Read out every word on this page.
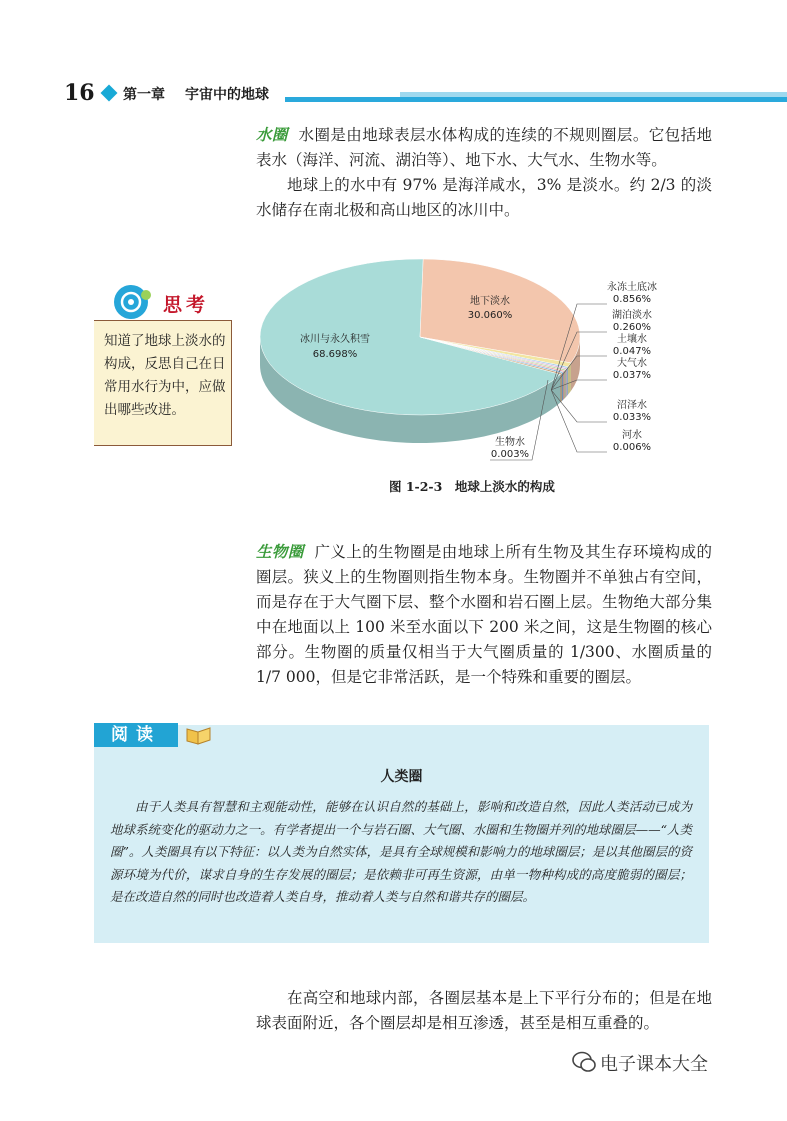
16 第一章 宇宙中的地球
水圈 水圈是由地球表层水体构成的连续的不规则圈层。它包括地表水（海洋、河流、湖泊等）、地下水、大气水、生物水等。
地球上的水中有 97% 是海洋咸水，3% 是淡水。约 2/3 的淡水储存在南北极和高山地区的冰川中。
思考
知道了地球上淡水的构成，反思自己在日常用水行为中，应做出哪些改进。
冰川与永久积雪
68.698%
地下淡水
30.060%
永冻土底冰
0.856%
湖泊淡水
0.260%
土壤水
0.047%
大气水
0.037%
沼泽水
0.033%
河水
0.006%
生物水
0.003%
图 1-2-3　地球上淡水的构成
生物圈 广义上的生物圈是由地球上所有生物及其生存环境构成的圈层。狭义上的生物圈则指生物本身。生物圈并不单独占有空间，而是存在于大气圈下层、整个水圈和岩石圈上层。生物绝大部分集中在地面以上 100 米至水面以下 200 米之间，这是生物圈的核心部分。生物圈的质量仅相当于大气圈质量的 1/300、水圈质量的 1/7 000，但是它非常活跃，是一个特殊和重要的圈层。
阅读
人类圈
由于人类具有智慧和主观能动性，能够在认识自然的基础上，影响和改造自然，因此人类活动已成为地球系统变化的驱动力之一。有学者提出一个与岩石圈、大气圈、水圈和生物圈并列的地球圈层——“人类圈”。人类圈具有以下特征：以人类为自然实体，是具有全球规模和影响力的地球圈层；是以其他圈层的资源环境为代价，谋求自身的生存发展的圈层；是依赖非可再生资源，由单一物种构成的高度脆弱的圈层；是在改造自然的同时也改造着人类自身，推动着人类与自然和谐共存的圈层。
在高空和地球内部，各圈层基本是上下平行分布的；但是在地球表面附近，各个圈层却是相互渗透，甚至是相互重叠的。
电子课本大全
